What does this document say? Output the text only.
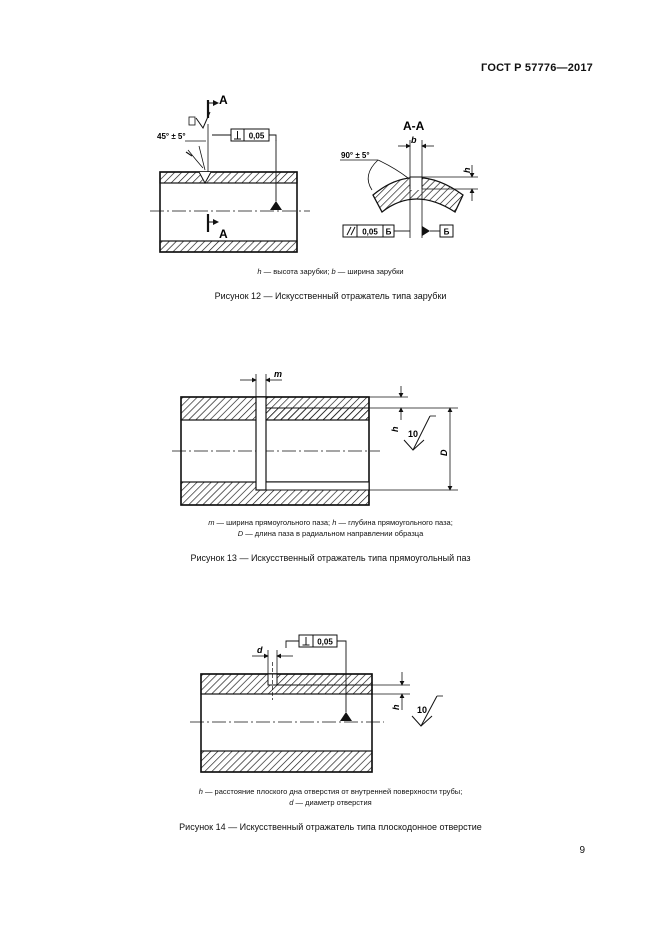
ГОСТ Р 57776—2017
0,05
А
А
45° ± 5°
А-А
b
h
90° ± 5°
0,05 Б	Б
h — высота зарубки; b — ширина зарубки
Рисунок 12 — Искусственный отражатель типа зарубки
m
h
D
10
m — ширина прямоугольного паза; h — глубина прямоугольного паза;
D — длина паза в радиальном направлении образца
Рисунок 13 — Искусственный отражатель типа прямоугольный паз
d
0,05
h 10
h — расстояние плоского дна отверстия от внутренней поверхности трубы;
d — диаметр отверстия
Рисунок 14 — Искусственный отражатель типа плоскодонное отверстие
9
